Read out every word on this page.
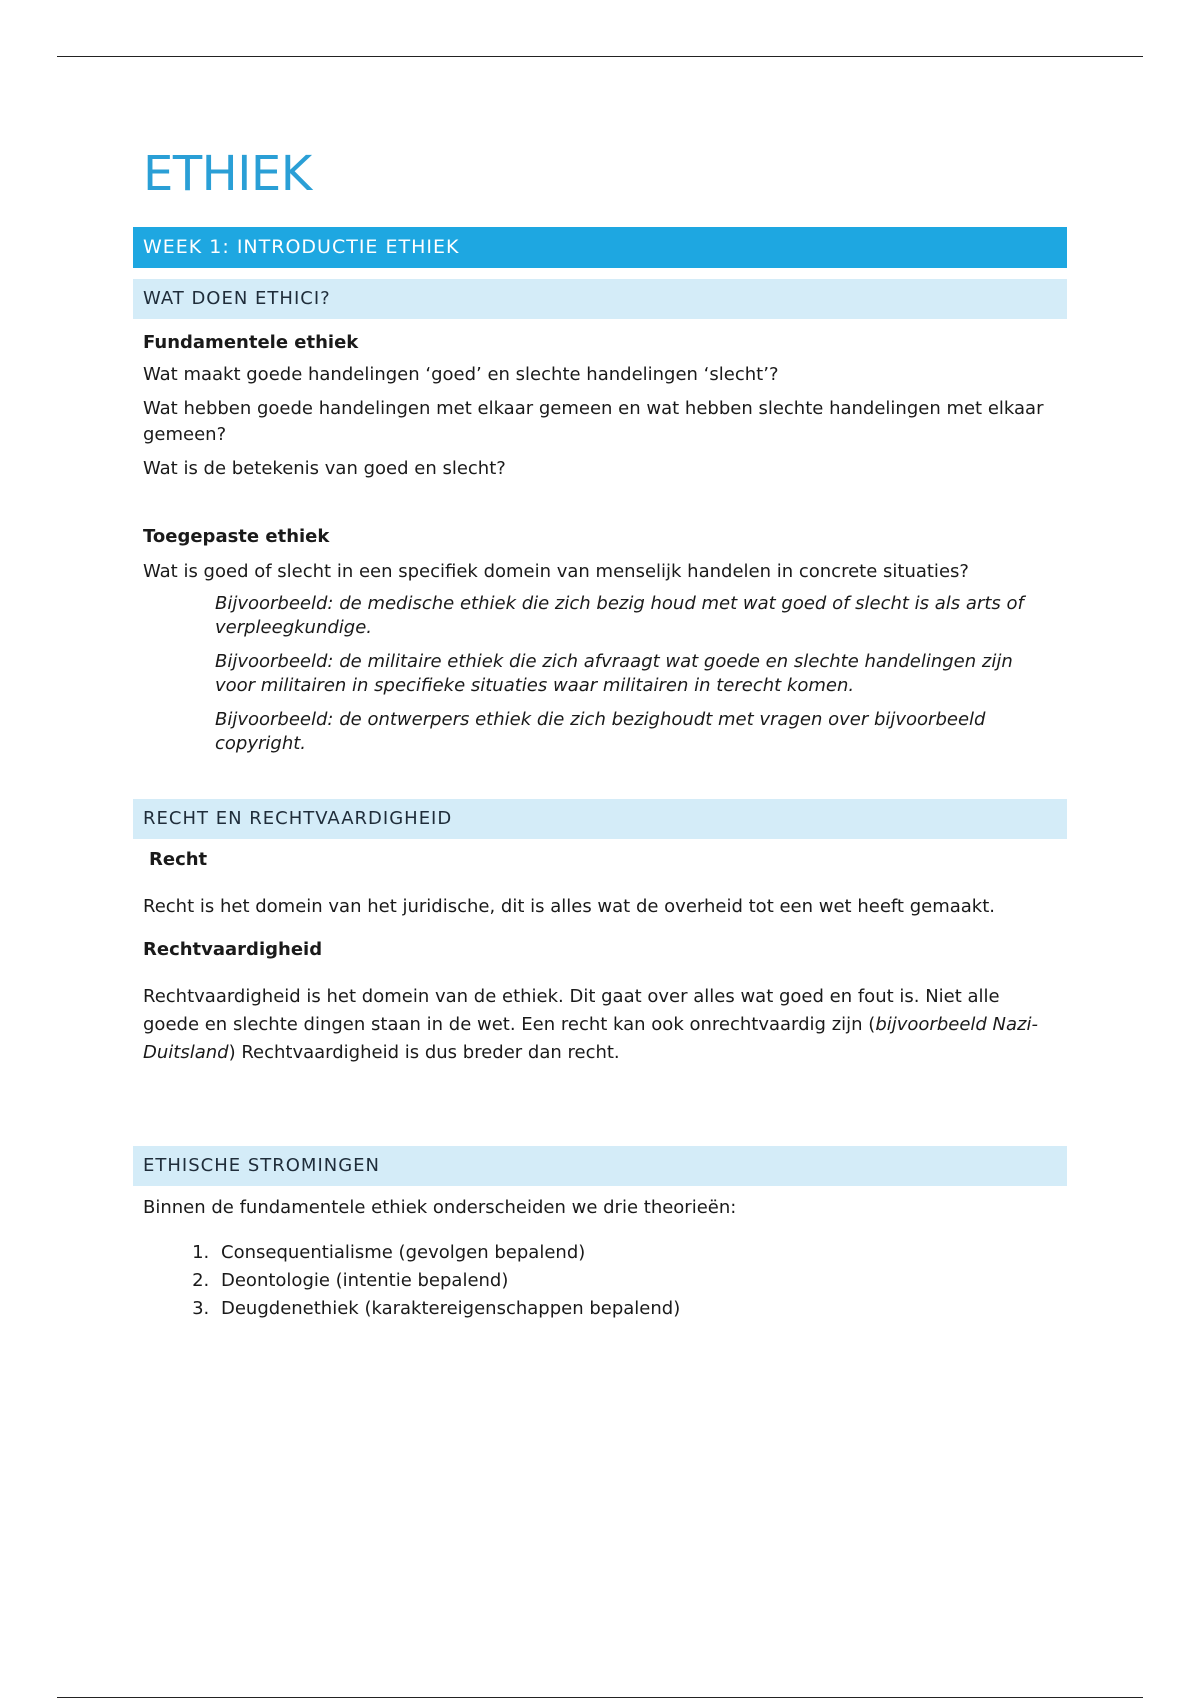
ETHIEK
WEEK 1: INTRODUCTIE ETHIEK
WAT DOEN ETHICI?
Fundamentele ethiek

Wat maakt goede handelingen ‘goed’ en slechte handelingen ‘slecht’?

Wat hebben goede handelingen met elkaar gemeen en wat hebben slechte handelingen met elkaar gemeen?

Wat is de betekenis van goed en slecht?

Toegepaste ethiek

Wat is goed of slecht in een specifiek domein van menselijk handelen in concrete situaties?

Bijvoorbeeld: de medische ethiek die zich bezig houd met wat goed of slecht is als arts of verpleegkundige.

Bijvoorbeeld: de militaire ethiek die zich afvraagt wat goede en slechte handelingen zijn voor militairen in specifieke situaties waar militairen in terecht komen.

Bijvoorbeeld: de ontwerpers ethiek die zich bezighoudt met vragen over bijvoorbeeld copyright.

RECHT EN RECHTVAARDIGHEID
Recht

Recht is het domein van het juridische, dit is alles wat de overheid tot een wet heeft gemaakt.

Rechtvaardigheid

Rechtvaardigheid is het domein van de ethiek. Dit gaat over alles wat goed en fout is. Niet alle goede en slechte dingen staan in de wet. Een recht kan ook onrechtvaardig zijn (bijvoorbeeld Nazi-Duitsland) Rechtvaardigheid is dus breder dan recht.

ETHISCHE STROMINGEN

Binnen de fundamentele ethiek onderscheiden we drie theorieën:

1. Consequentialisme (gevolgen bepalend)
2. Deontologie (intentie bepalend)
3. Deugdenethiek (karaktereigenschappen bepalend)
